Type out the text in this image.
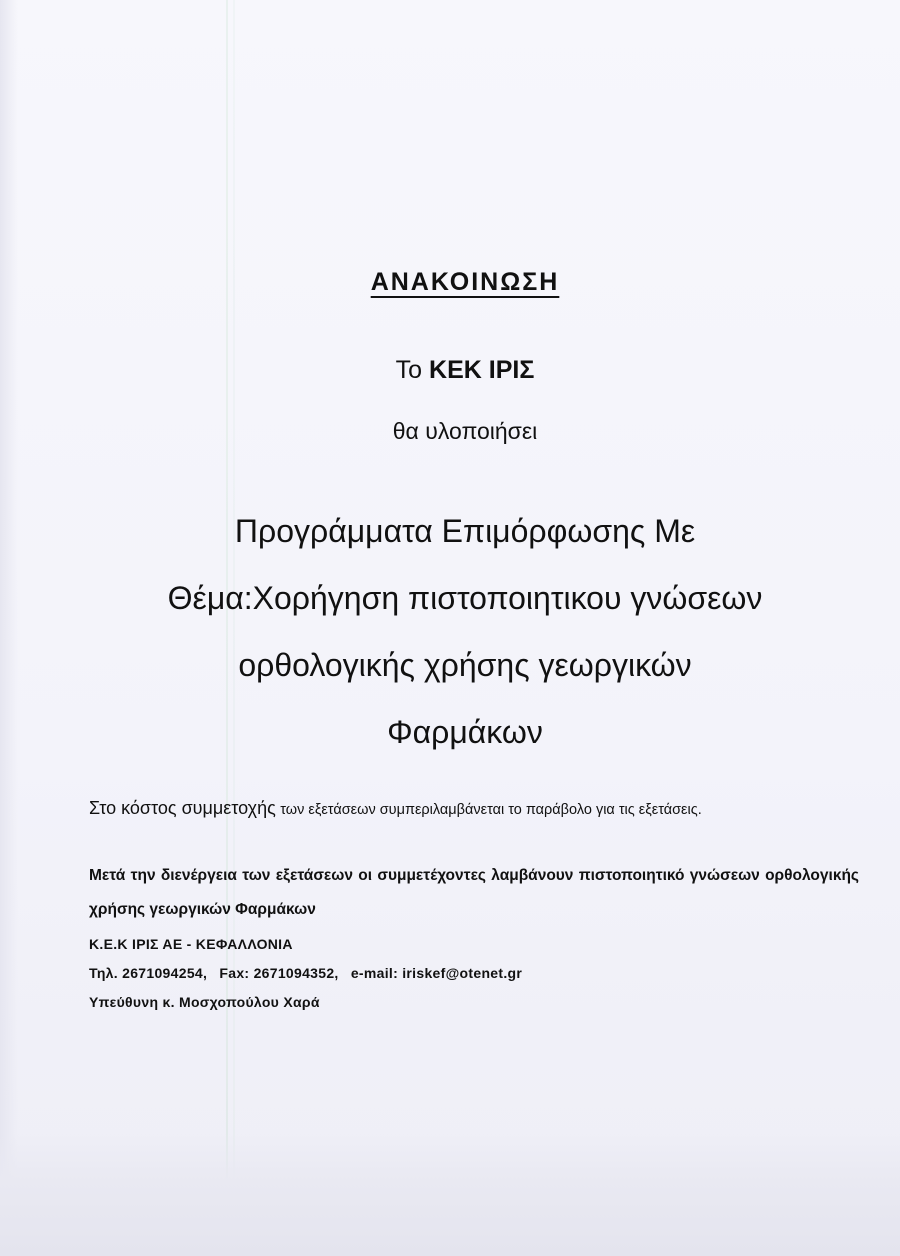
ΑΝΑΚΟΙΝΩΣΗ
Το ΚΕΚ ΙΡΙΣ
θα υλοποιήσει
Προγράμματα Επιμόρφωσης Με
Θέμα:Χορήγηση πιστοποιητικου γνώσεων
ορθολογικής χρήσης γεωργικών
Φαρμάκων
Στο κόστος συμμετοχής των εξετάσεων συμπεριλαμβάνεται το παράβολο για τις εξετάσεις.
Μετά την διενέργεια των εξετάσεων οι συμμετέχοντες λαμβάνουν πιστοποιητικό γνώσεων ορθολογικής χρήσης γεωργικών Φαρμάκων
Κ.Ε.Κ ΙΡΙΣ ΑΕ - ΚΕΦΑΛΛΟΝΙΑ
Τηλ. 2671094254, Fax: 2671094352, e-mail: iriskef@otenet.gr
Υπεύθυνη κ. Μοσχοπούλου Χαρά
